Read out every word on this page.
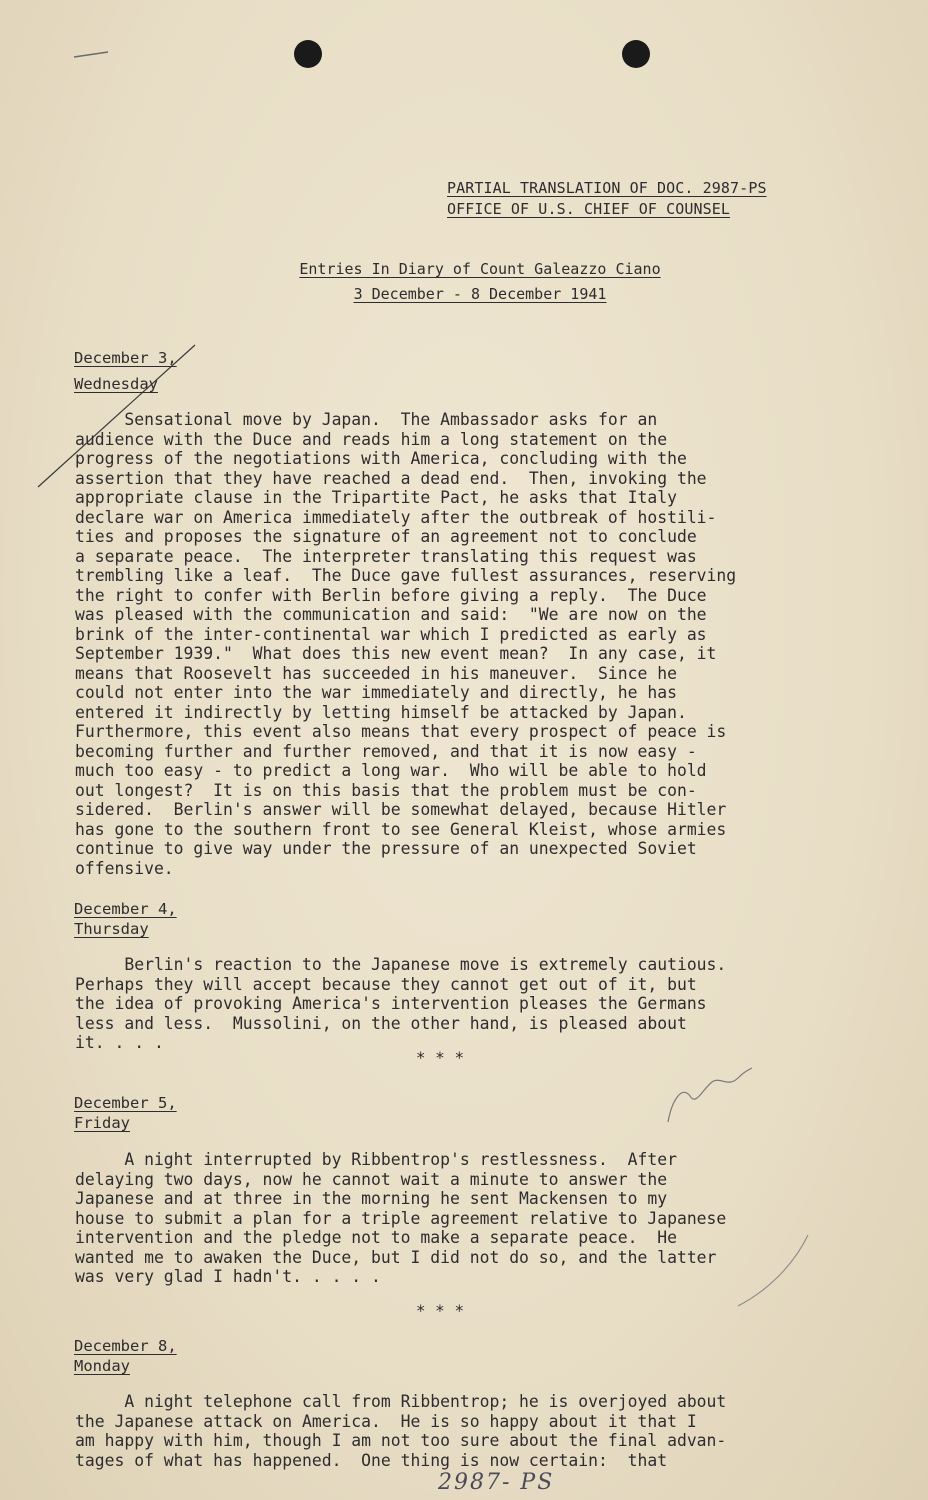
PARTIAL TRANSLATION OF DOC. 2987-PS
OFFICE OF U.S. CHIEF OF COUNSEL
Entries In Diary of Count Galeazzo Ciano
3 December - 8 December 1941
December 3,
Wednesday
Sensational move by Japan.  The Ambassador asks for an
audience with the Duce and reads him a long statement on the
progress of the negotiations with America, concluding with the
assertion that they have reached a dead end.  Then, invoking the
appropriate clause in the Tripartite Pact, he asks that Italy
declare war on America immediately after the outbreak of hostili-
ties and proposes the signature of an agreement not to conclude
a separate peace.  The interpreter translating this request was
trembling like a leaf.  The Duce gave fullest assurances, reserving
the right to confer with Berlin before giving a reply.  The Duce
was pleased with the communication and said:  "We are now on the
brink of the inter-continental war which I predicted as early as
September 1939."  What does this new event mean?  In any case, it
means that Roosevelt has succeeded in his maneuver.  Since he
could not enter into the war immediately and directly, he has
entered it indirectly by letting himself be attacked by Japan.
Furthermore, this event also means that every prospect of peace is
becoming further and further removed, and that it is now easy -
much too easy - to predict a long war.  Who will be able to hold
out longest?  It is on this basis that the problem must be con-
sidered.  Berlin's answer will be somewhat delayed, because Hitler
has gone to the southern front to see General Kleist, whose armies
continue to give way under the pressure of an unexpected Soviet
offensive.
December 4,
Thursday
Berlin's reaction to the Japanese move is extremely cautious.
Perhaps they will accept because they cannot get out of it, but
the idea of provoking America's intervention pleases the Germans
less and less.  Mussolini, on the other hand, is pleased about
it. . . .
* * *
December 5,
Friday
A night interrupted by Ribbentrop's restlessness.  After
delaying two days, now he cannot wait a minute to answer the
Japanese and at three in the morning he sent Mackensen to my
house to submit a plan for a triple agreement relative to Japanese
intervention and the pledge not to make a separate peace.  He
wanted me to awaken the Duce, but I did not do so, and the latter
was very glad I hadn't. . . . .
* * *
December 8,
Monday
A night telephone call from Ribbentrop; he is overjoyed about
the Japanese attack on America.  He is so happy about it that I
am happy with him, though I am not too sure about the final advan-
tages of what has happened.  One thing is now certain:  that
2987- PS
